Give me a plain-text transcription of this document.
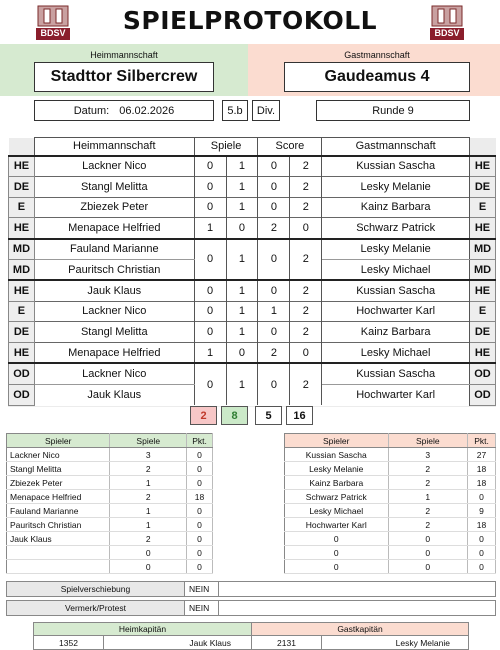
BDSV	BDSV
SPIELPROTOKOLL
Heimmannschaft
Stadttor Silbercrew
Gastmannschaft
Gaudeamus 4
Datum: 06.02.2026	5.b	Div.	Runde 9
	Heimmannschaft	Spiele		Score		Gastmannschaft	
HE	Lackner Nico	0	1	0	2	Kussian Sascha	HE
DE	Stangl Melitta	0	1	0	2	Lesky Melanie	DE
E	Zbiezek Peter	0	1	0	2	Kainz Barbara	E
HE	Menapace Helfried	1	0	2	0	Schwarz Patrick	HE
MD	Fauland Marianne	0	1	0	2	Lesky Melanie	MD
MD	Pauritsch Christian					Lesky Michael	MD
HE	Jauk Klaus	0	1	0	2	Kussian Sascha	HE
E	Lackner Nico	0	1	1	2	Hochwarter Karl	E
DE	Stangl Melitta	0	1	0	2	Kainz Barbara	DE
HE	Menapace Helfried	1	0	2	0	Lesky Michael	HE
OD	Lackner Nico	0	1	0	2	Kussian Sascha	OD
OD	Jauk Klaus					Hochwarter Karl	OD
2	8	5	16
Spieler	Spiele	Pkt.
Lackner Nico	3	0
Stangl Melitta	2	0
Zbiezek Peter	1	0
Menapace Helfried	2	18
Fauland Marianne	1	0
Pauritsch Christian	1	0
Jauk Klaus	2	0
	0	0
	0	0
Spieler	Spiele	Pkt.
Kussian Sascha	3	27
Lesky Melanie	2	18
Kainz Barbara	2	18
Schwarz Patrick	1	0
Lesky Michael	2	9
Hochwarter Karl	2	18
0	0	0
0	0	0
0	0	0
Spielverschiebung	NEIN
Vermerk/Protest	NEIN
Heimkapitän	Gastkapitän
1352	Jauk Klaus	2131	Lesky Melanie
